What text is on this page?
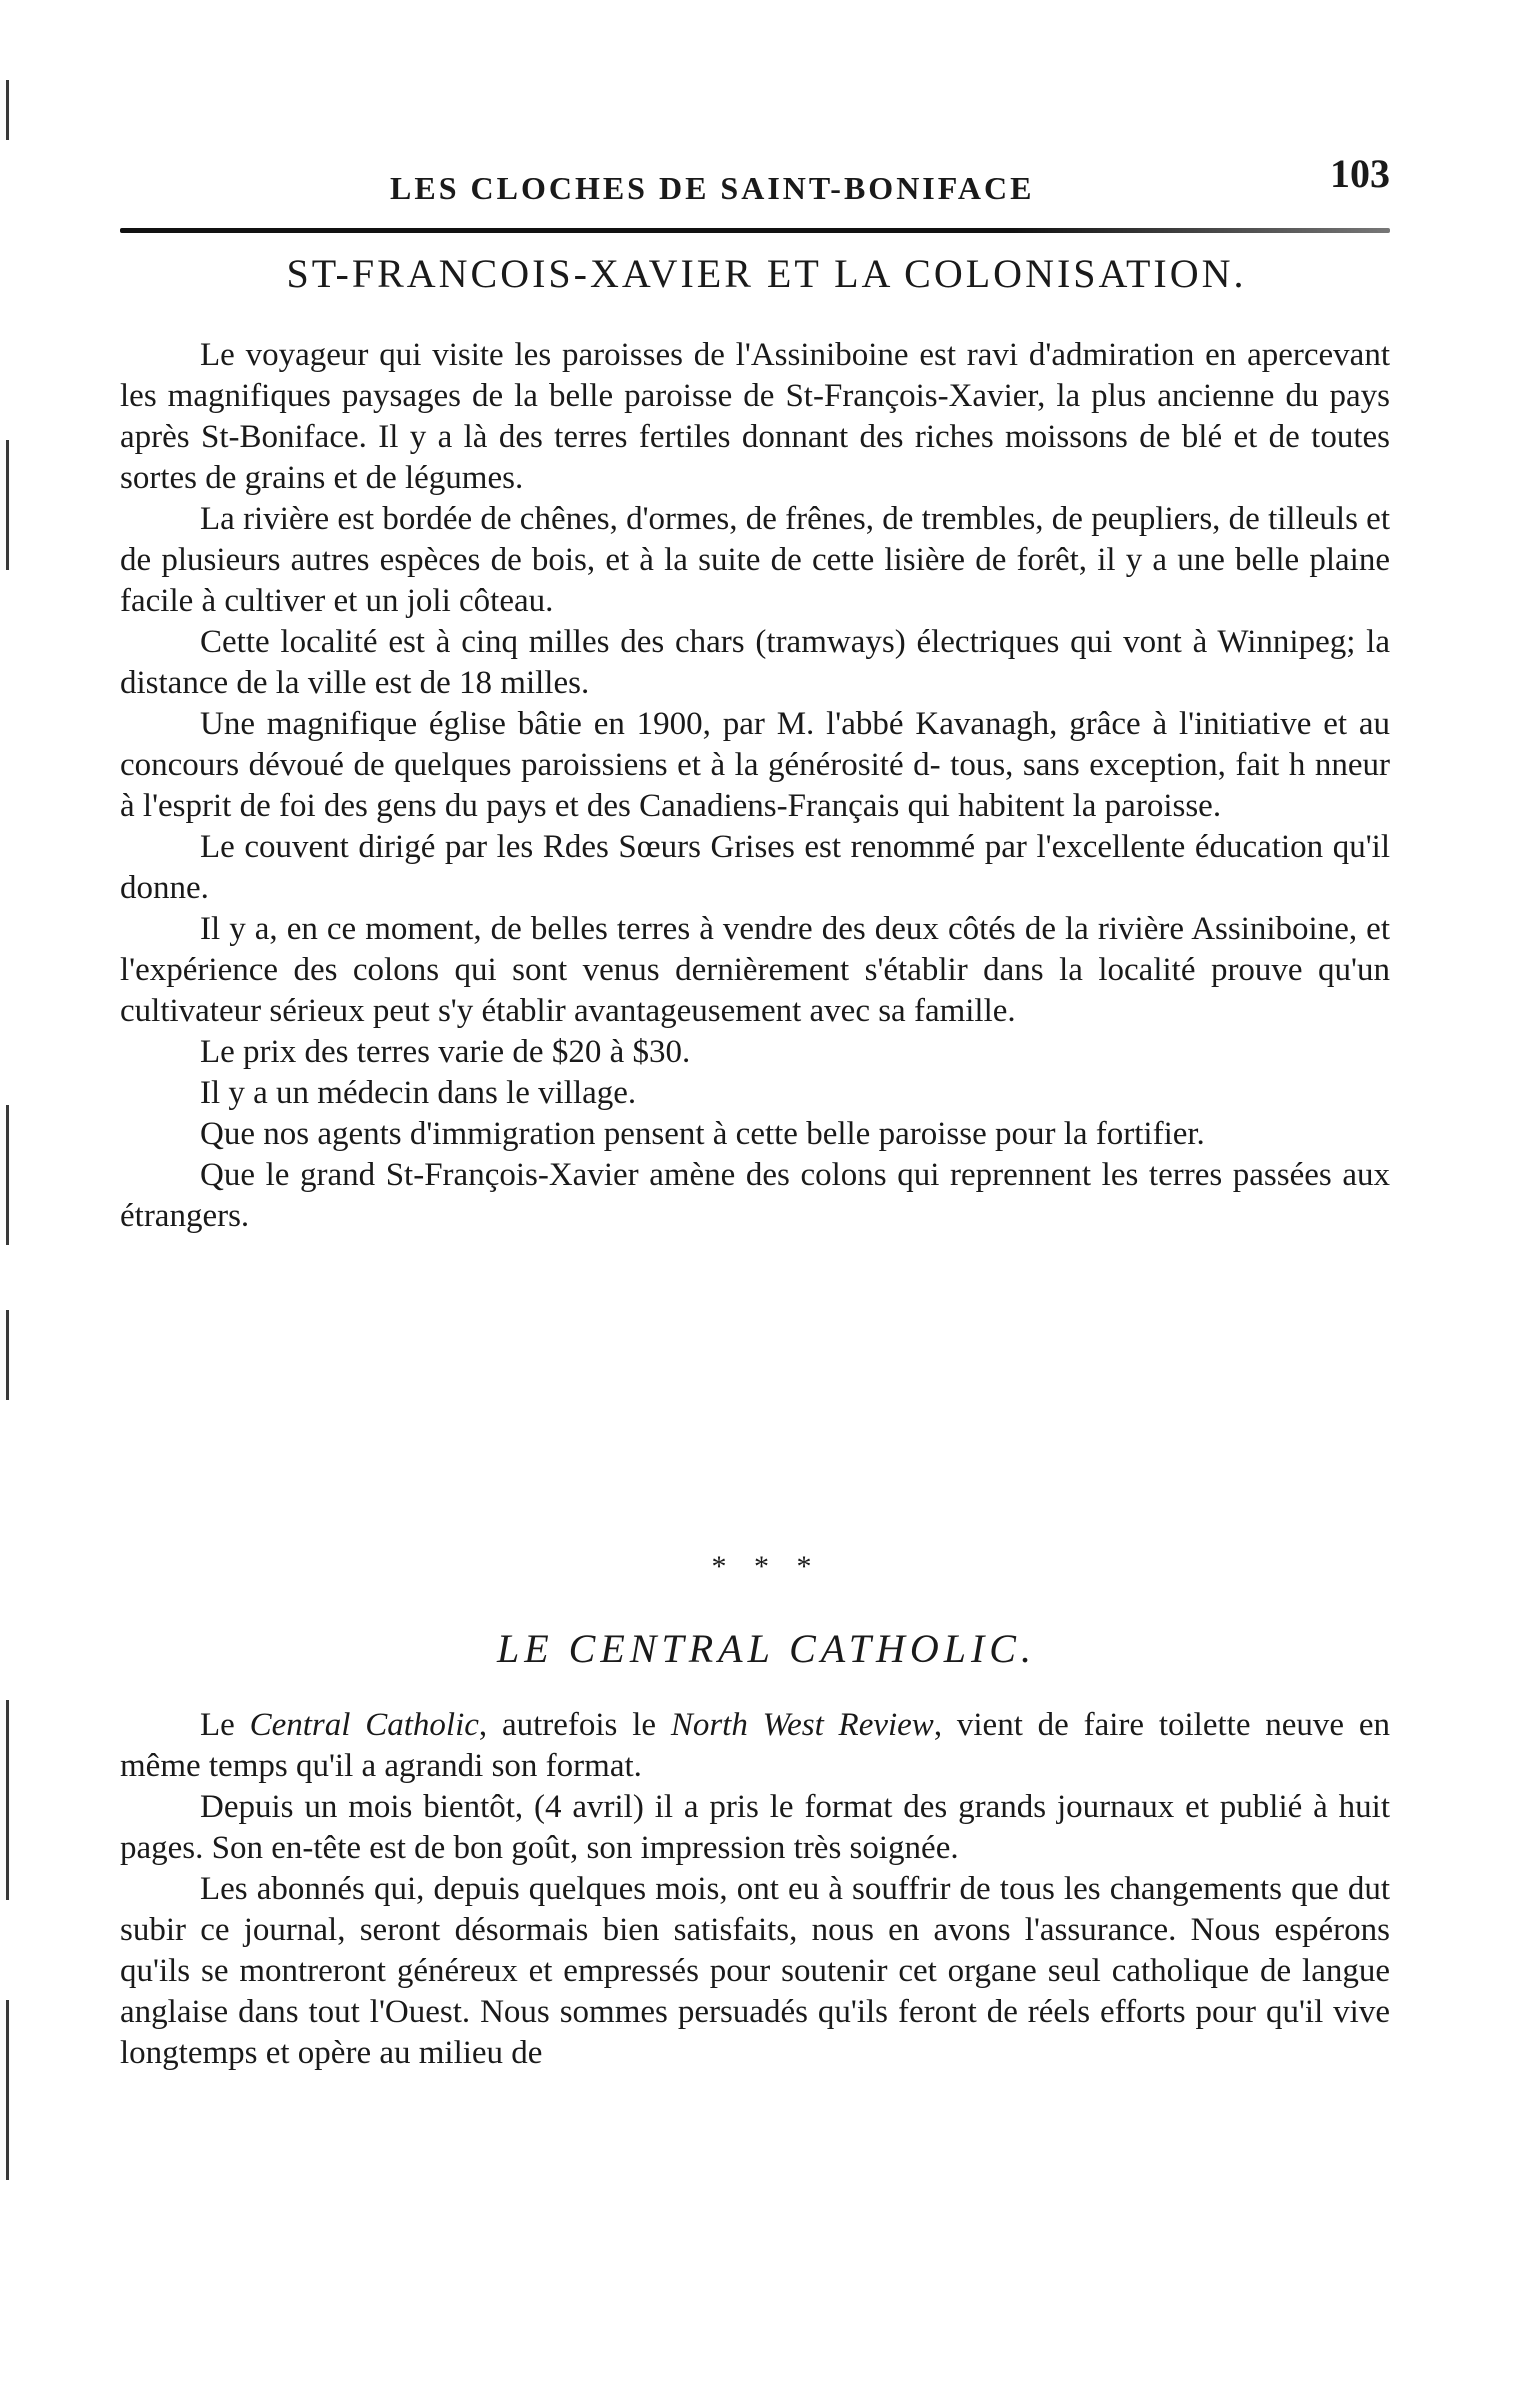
LES CLOCHES DE SAINT-BONIFACE	103
ST-FRANCOIS-XAVIER ET LA COLONISATION.

Le voyageur qui visite les paroisses de l'Assiniboine est ravi d'admiration en apercevant les magnifiques paysages de la belle paroisse de St-François-Xavier, la plus ancienne du pays après St-Boniface. Il y a là des terres fertiles donnant des riches moissons de blé et de toutes sortes de grains et de légumes.

La rivière est bordée de chênes, d'ormes, de frênes, de trembles, de peupliers, de tilleuls et de plusieurs autres espèces de bois, et à la suite de cette lisière de forêt, il y a une belle plaine facile à cultiver et un joli côteau.

Cette localité est à cinq milles des chars (tramways) électriques qui vont à Winnipeg; la distance de la ville est de 18 milles.

Une magnifique église bâtie en 1900, par M. l'abbé Kavanagh, grâce à l'initiative et au concours dévoué de quelques paroissiens et à la générosité d- tous, sans exception, fait h nneur à l'esprit de foi des gens du pays et des Canadiens-Français qui habitent la paroisse.

Le couvent dirigé par les Rdes Sœurs Grises est renommé par l'excellente éducation qu'il donne.

Il y a, en ce moment, de belles terres à vendre des deux côtés de la rivière Assiniboine, et l'expérience des colons qui sont venus dernièrement s'établir dans la localité prouve qu'un cultivateur sérieux peut s'y établir avantageusement avec sa famille.

Le prix des terres varie de $20 à $30.

Il y a un médecin dans le village.

Que nos agents d'immigration pensent à cette belle paroisse pour la fortifier.

Que le grand St-François-Xavier amène des colons qui reprennent les terres passées aux étrangers.

* * *
LE CENTRAL CATHOLIC.

Le Central Catholic, autrefois le North West Review, vient de faire toilette neuve en même temps qu'il a agrandi son format.

Depuis un mois bientôt, (4 avril) il a pris le format des grands journaux et publié à huit pages. Son en-tête est de bon goût, son impression très soignée.

Les abonnés qui, depuis quelques mois, ont eu à souffrir de tous les changements que dut subir ce journal, seront désormais bien satisfaits, nous en avons l'assurance. Nous espérons qu'ils se montreront généreux et empressés pour soutenir cet organe seul catholique de langue anglaise dans tout l'Ouest. Nous sommes persuadés qu'ils feront de réels efforts pour qu'il vive longtemps et opère au milieu de
